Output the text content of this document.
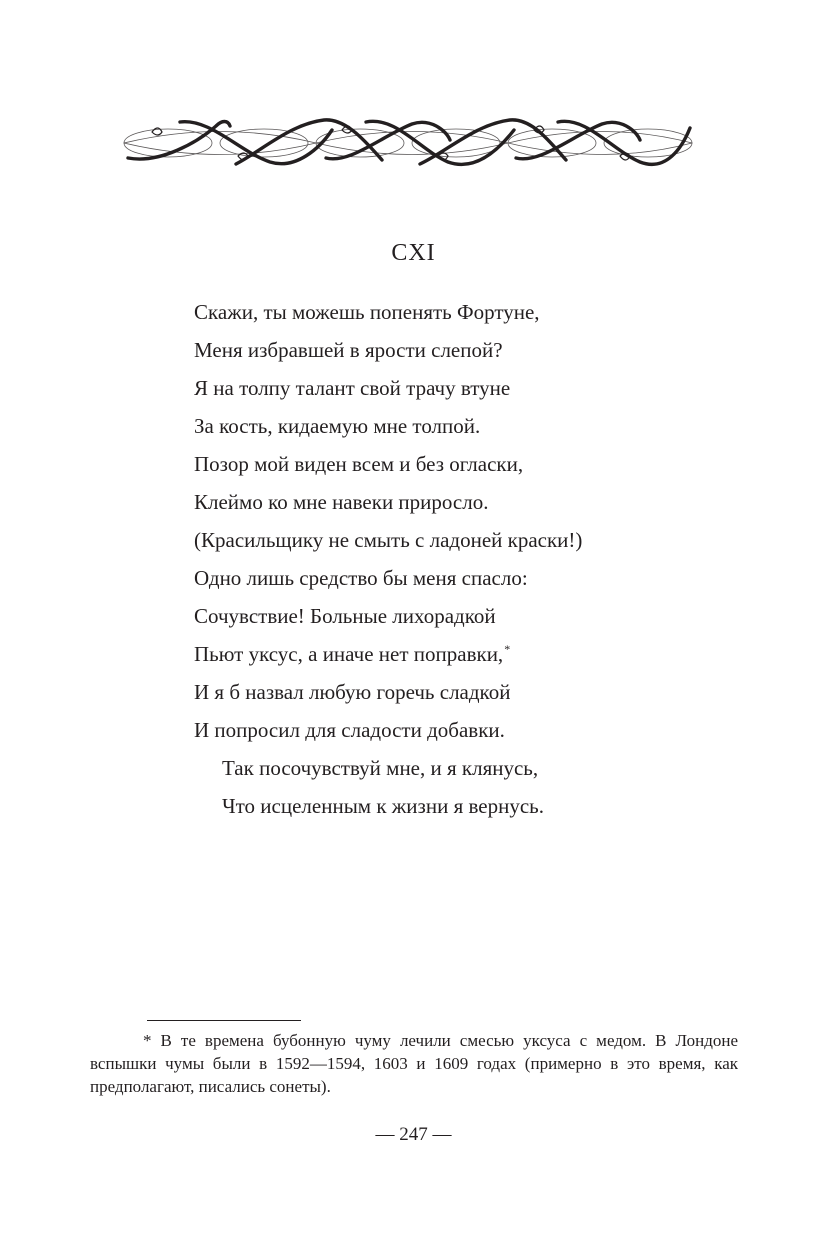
CXI
Скажи, ты можешь попенять Фортуне,
Меня избравшей в ярости слепой?
Я на толпу талант свой трачу втуне
За кость, кидаемую мне толпой.
Позор мой виден всем и без огласки,
Клеймо ко мне навеки приросло.
(Красильщику не смыть с ладоней краски!)
Одно лишь средство бы меня спасло:
Сочувствие! Больные лихорадкой
Пьют уксус, а иначе нет поправки,*
И я б назвал любую горечь сладкой
И попросил для сладости добавки.
Так посочувствуй мне, и я клянусь,
Что исцеленным к жизни я вернусь.
* В те времена бубонную чуму лечили смесью уксуса с медом. В Лондоне вспышки чумы были в 1592—1594, 1603 и 1609 годах (примерно в это время, как предполагают, писались сонеты).
— 247 —
